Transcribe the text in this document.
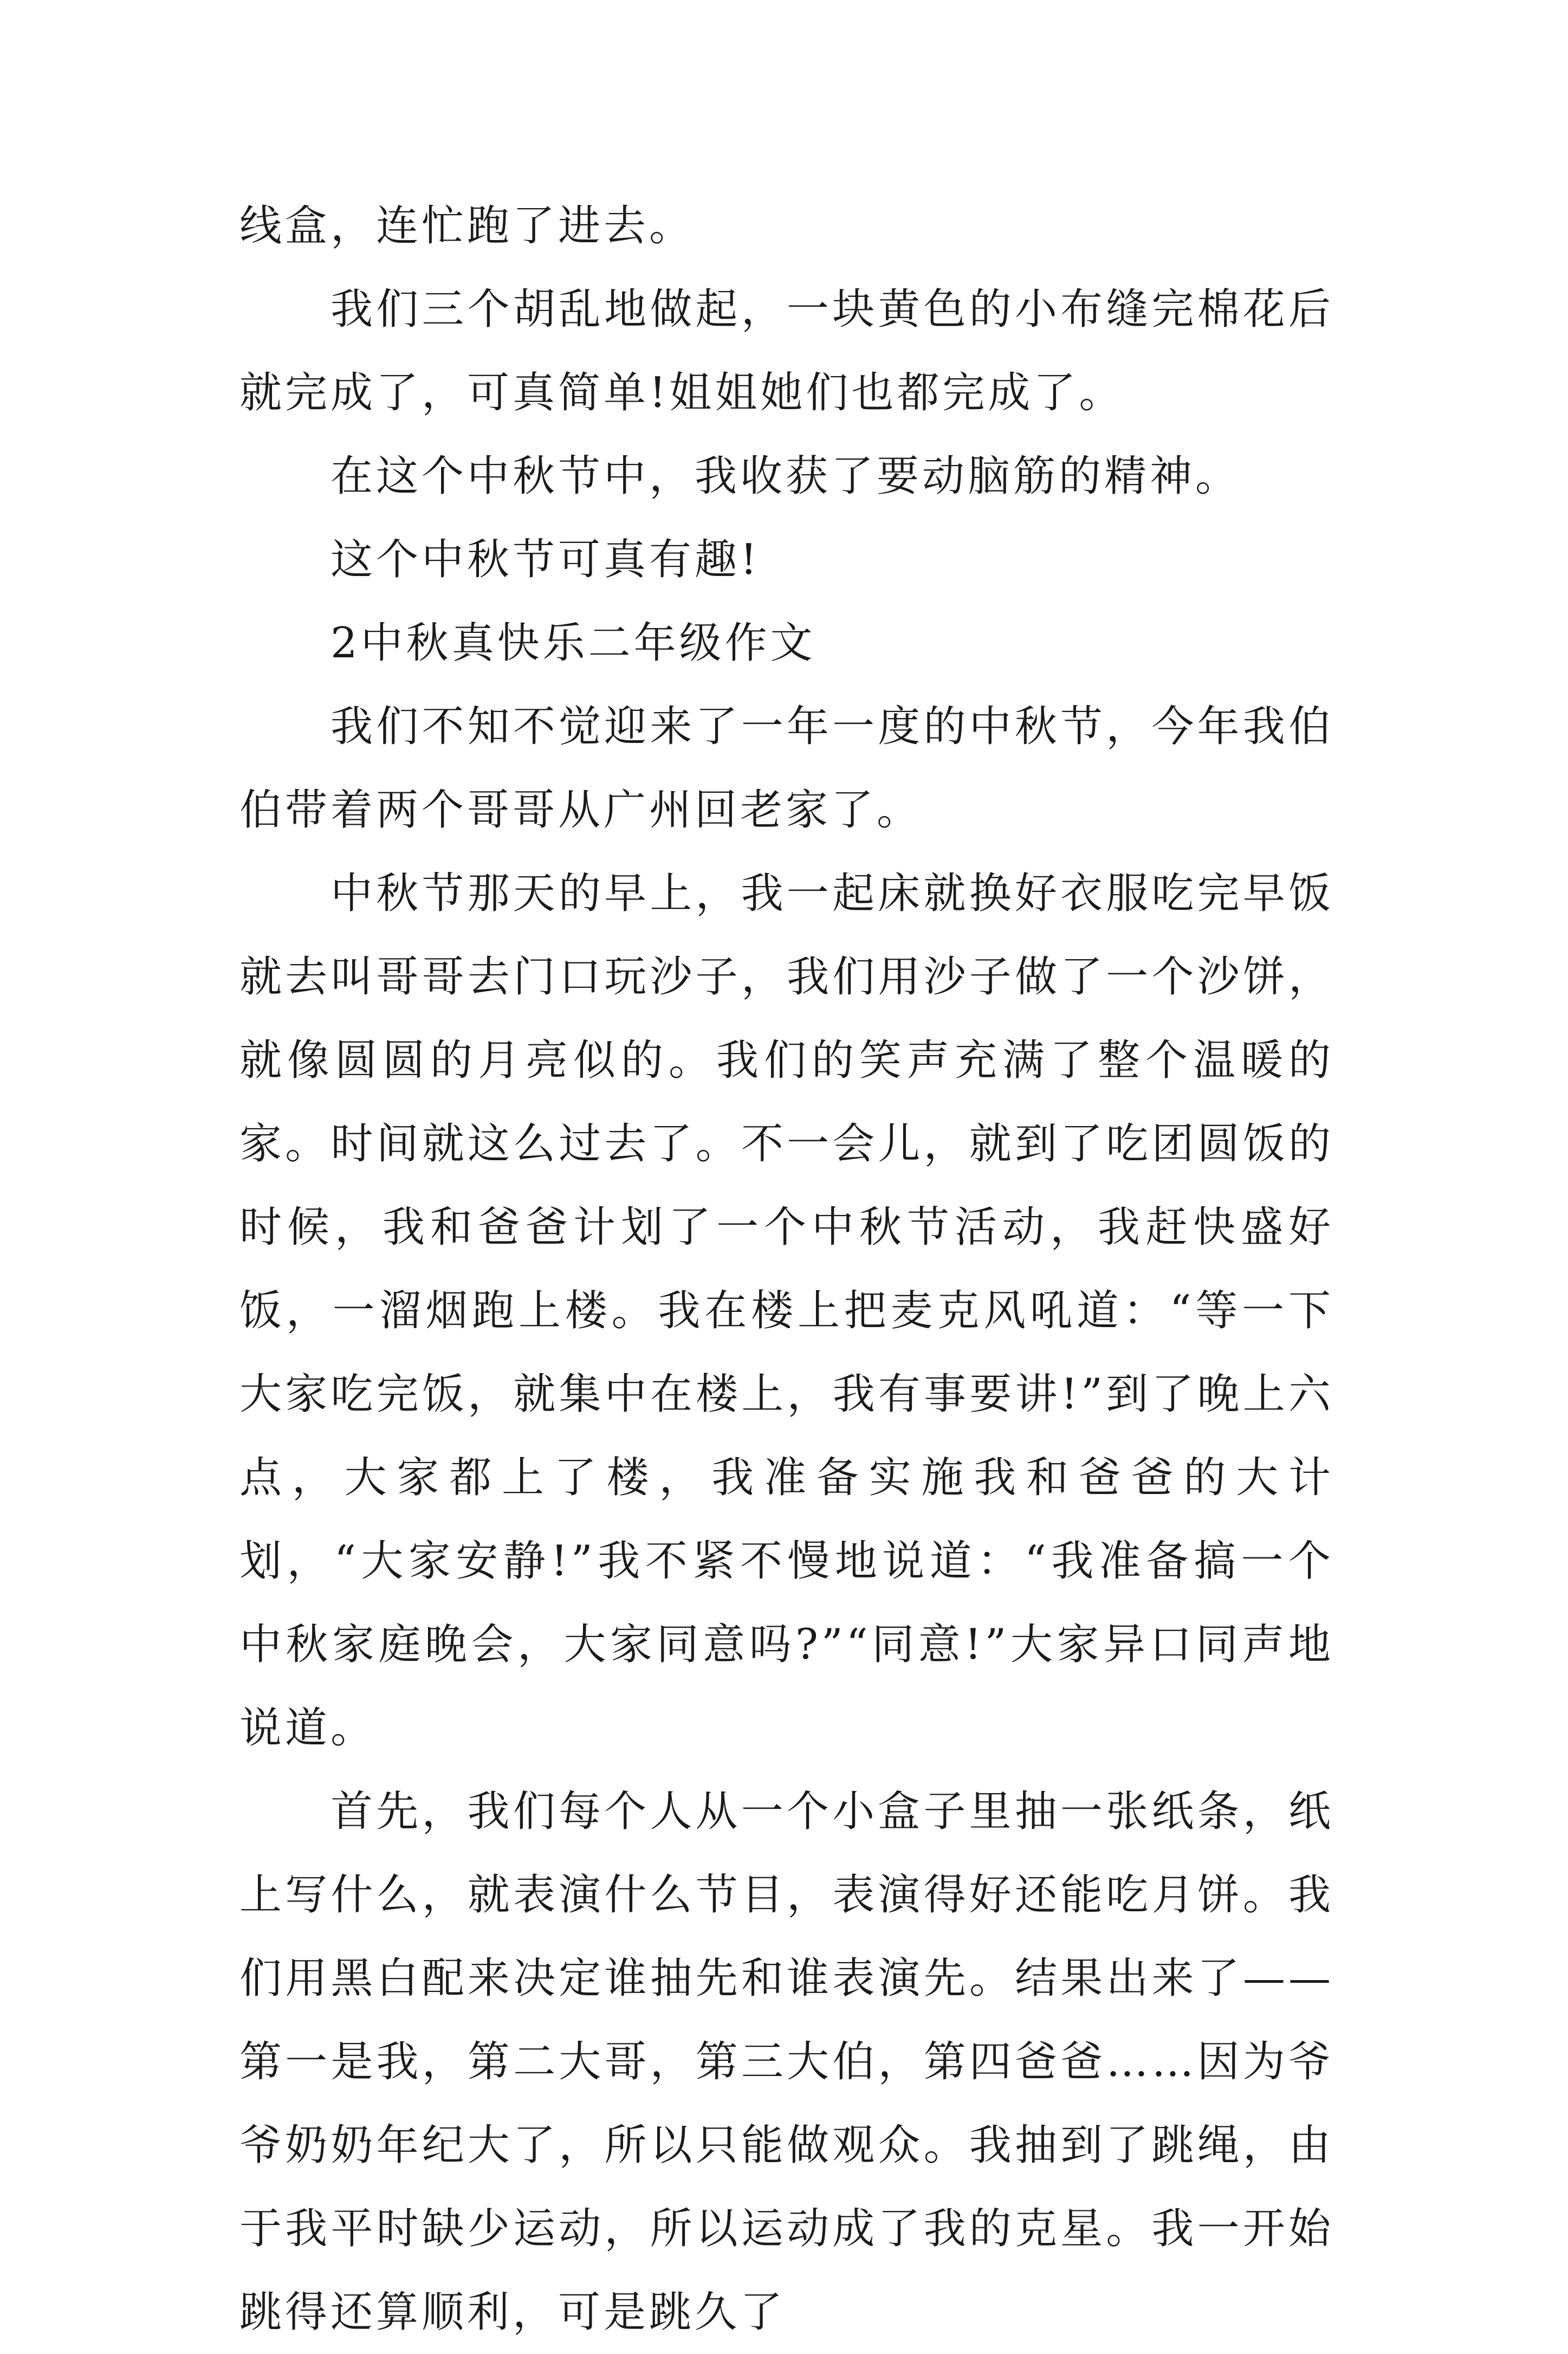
线盒，连忙跑了进去。

我们三个胡乱地做起，一块黄色的小布缝完棉花后就完成了，可真简单!姐姐她们也都完成了。

在这个中秋节中，我收获了要动脑筋的精神。

这个中秋节可真有趣!

2中秋真快乐二年级作文

我们不知不觉迎来了一年一度的中秋节，今年我伯伯带着两个哥哥从广州回老家了。

中秋节那天的早上，我一起床就换好衣服吃完早饭就去叫哥哥去门口玩沙子，我们用沙子做了一个沙饼，就像圆圆的月亮似的。我们的笑声充满了整个温暖的家。时间就这么过去了。不一会儿，就到了吃团圆饭的时候，我和爸爸计划了一个中秋节活动，我赶快盛好饭，一溜烟跑上楼。我在楼上把麦克风吼道：“等一下大家吃完饭，就集中在楼上，我有事要讲!”到了晚上六点，大家都上了楼，我准备实施我和爸爸的大计划，“大家安静!”我不紧不慢地说道：“我准备搞一个中秋家庭晚会，大家同意吗?”“同意!”大家异口同声地说道。

首先，我们每个人从一个小盒子里抽一张纸条，纸上写什么，就表演什么节目，表演得好还能吃月饼。我们用黑白配来决定谁抽先和谁表演先。结果出来了——第一是我，第二大哥，第三大伯，第四爸爸……因为爷爷奶奶年纪大了，所以只能做观众。我抽到了跳绳，由于我平时缺少运动，所以运动成了我的克星。我一开始跳得还算顺利，可是跳久了
